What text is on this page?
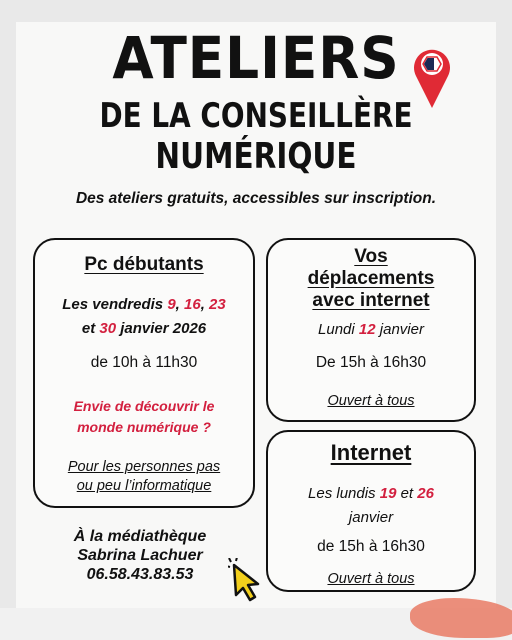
ATELIERS
DE LA CONSEILLÈRE
NUMÉRIQUE
Des ateliers gratuits, accessibles sur inscription.
Pc débutants
Les vendredis 9, 16, 23
et 30 janvier 2026
de 10h à 11h30
Envie de découvrir le
monde numérique ?
Pour les personnes pas
ou peu l’informatique
Vos
déplacements
avec internet
Lundi 12 janvier
De 15h à 16h30
Ouvert à tous
Internet
Les lundis 19 et 26
janvier
de 15h à 16h30
Ouvert à tous
À la médiathèque
Sabrina Lachuer
06.58.43.83.53
